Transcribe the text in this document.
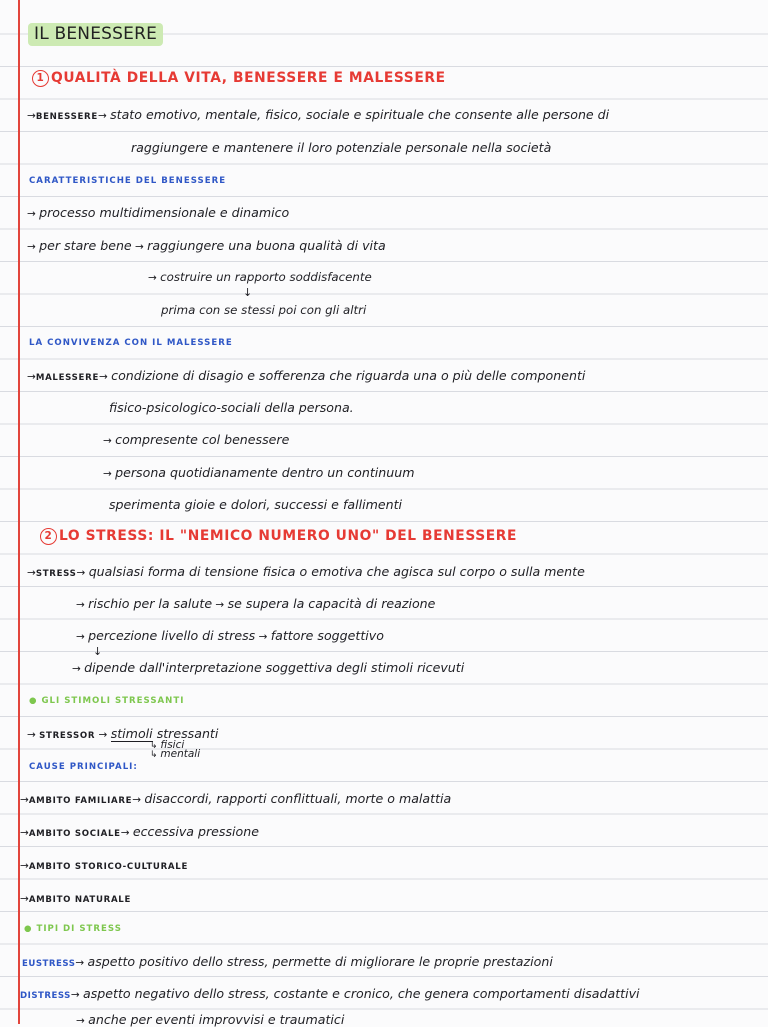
IL BENESSERE
1 QUALITÀ DELLA VITA, BENESSERE E MALESSERE
→BENESSERE→ stato emotivo, mentale, fisico, sociale e spirituale che consente alle persone di
raggiungere e mantenere il loro potenziale personale nella società
CARATTERISTICHE DEL BENESSERE
→ processo multidimensionale e dinamico
→ per stare bene → raggiungere una buona qualità di vita
→ costruire un rapporto soddisfacente
↓
prima con se stessi poi con gli altri
LA CONVIVENZA CON IL MALESSERE
→MALESSERE→ condizione di disagio e sofferenza che riguarda una o più delle componenti
fisico-psicologico-sociali della persona.
→ compresente col benessere
→ persona quotidianamente dentro un continuum
sperimenta gioie e dolori, successi e fallimenti
2 LO STRESS: IL "NEMICO NUMERO UNO" DEL BENESSERE
→STRESS→ qualsiasi forma di tensione fisica o emotiva che agisca sul corpo o sulla mente
→ rischio per la salute → se supera la capacità di reazione
→ percezione livello di stress → fattore soggettivo
↓
→ dipende dall'interpretazione soggettiva degli stimoli ricevuti
● GLI STIMOLI STRESSANTI
→ STRESSOR → stimoli stressanti
↳ fisici
↳ mentali
CAUSE PRINCIPALI:
→AMBITO FAMILIARE→ disaccordi, rapporti conflittuali, morte o malattia
→AMBITO SOCIALE→ eccessiva pressione
→AMBITO STORICO-CULTURALE
→AMBITO NATURALE
● TIPI DI STRESS
EUSTRESS→ aspetto positivo dello stress, permette di migliorare le proprie prestazioni
DISTRESS→ aspetto negativo dello stress, costante e cronico, che genera comportamenti disadattivi
→ anche per eventi improvvisi e traumatici
